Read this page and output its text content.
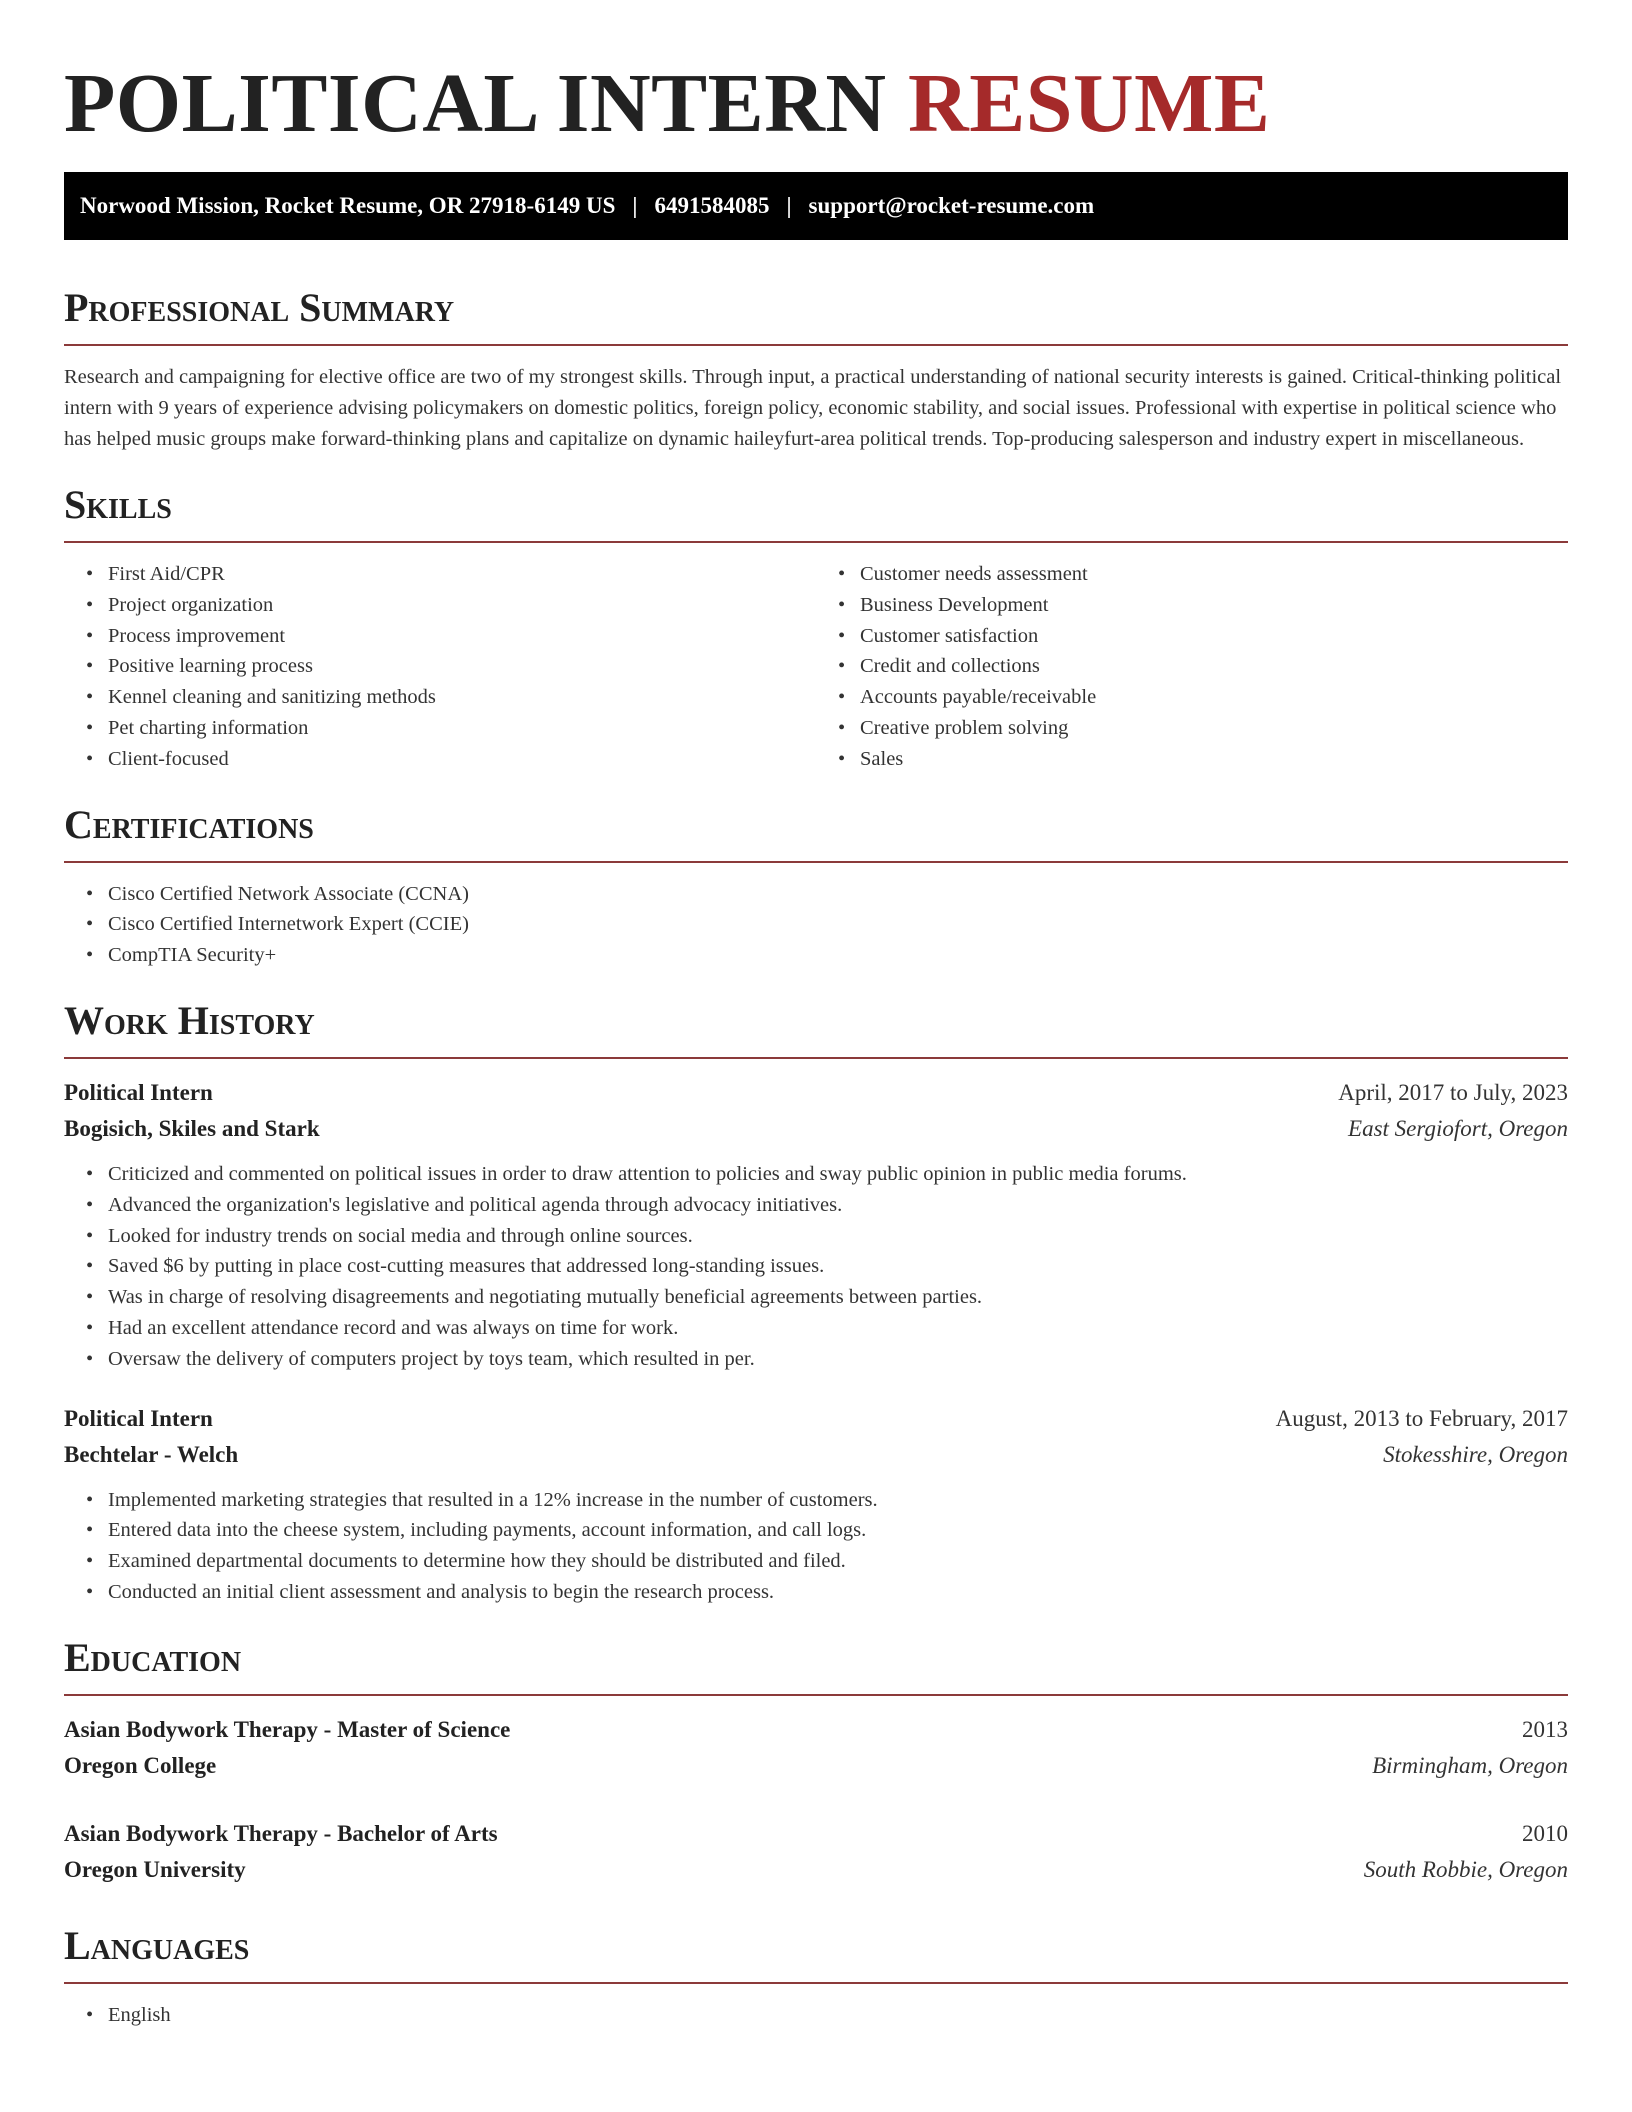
POLITICAL INTERN RESUME
Norwood Mission, Rocket Resume, OR 27918-6149 US | 6491584085 | support@rocket-resume.com
Professional Summary

Research and campaigning for elective office are two of my strongest skills. Through input, a practical understanding of national security interests is gained. Critical-thinking political intern with 9 years of experience advising policymakers on domestic politics, foreign policy, economic stability, and social issues. Professional with expertise in political science who has helped music groups make forward-thinking plans and capitalize on dynamic haileyfurt-area political trends. Top-producing salesperson and industry expert in miscellaneous.

Skills
• First Aid/CPR
• Project organization
• Process improvement
• Positive learning process
• Kennel cleaning and sanitizing methods
• Pet charting information
• Client-focused
• Customer needs assessment
• Business Development
• Customer satisfaction
• Credit and collections
• Accounts payable/receivable
• Creative problem solving
• Sales
Certifications
• Cisco Certified Network Associate (CCNA)
• Cisco Certified Internetwork Expert (CCIE)
• CompTIA Security+
Work History
Political Intern	April, 2017 to July, 2023
Bogisich, Skiles and Stark	East Sergiofort, Oregon
• Criticized and commented on political issues in order to draw attention to policies and sway public opinion in public media forums.
• Advanced the organization's legislative and political agenda through advocacy initiatives.
• Looked for industry trends on social media and through online sources.
• Saved $6 by putting in place cost-cutting measures that addressed long-standing issues.
• Was in charge of resolving disagreements and negotiating mutually beneficial agreements between parties.
• Had an excellent attendance record and was always on time for work.
• Oversaw the delivery of computers project by toys team, which resulted in per.
Political Intern	August, 2013 to February, 2017
Bechtelar - Welch	Stokesshire, Oregon
• Implemented marketing strategies that resulted in a 12% increase in the number of customers.
• Entered data into the cheese system, including payments, account information, and call logs.
• Examined departmental documents to determine how they should be distributed and filed.
• Conducted an initial client assessment and analysis to begin the research process.
Education
Asian Bodywork Therapy - Master of Science	2013
Oregon College	Birmingham, Oregon
Asian Bodywork Therapy - Bachelor of Arts	2010
Oregon University	South Robbie, Oregon
Languages
• English
